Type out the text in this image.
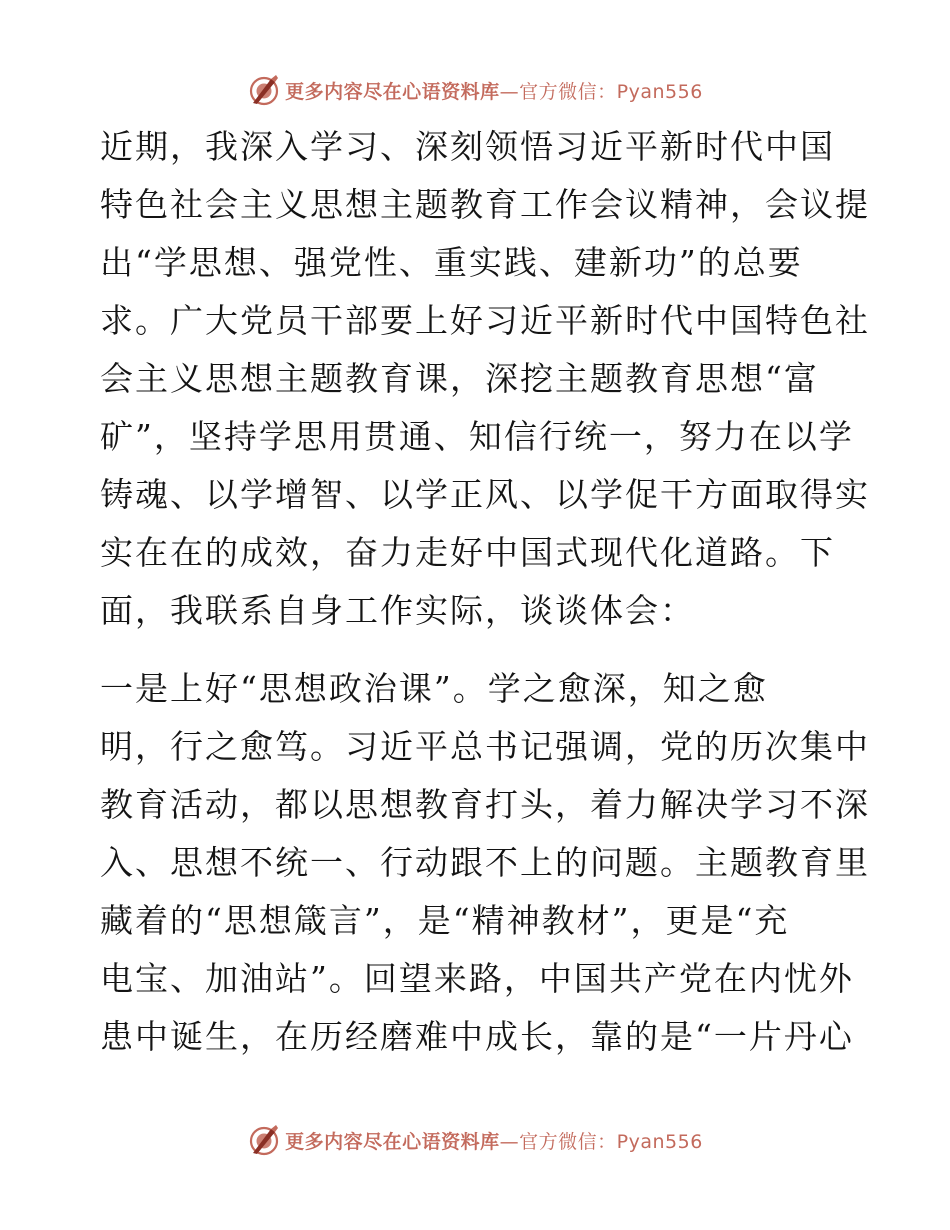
更多内容尽在心语资料库—官方微信：Pyan556
近期，我深入学习、深刻领悟习近平新时代中国
特色社会主义思想主题教育工作会议精神，会议提
出“学思想、强党性、重实践、建新功”的总要
求。广大党员干部要上好习近平新时代中国特色社
会主义思想主题教育课，深挖主题教育思想“富
矿”，坚持学思用贯通、知信行统一，努力在以学
铸魂、以学增智、以学正风、以学促干方面取得实
实在在的成效，奋力走好中国式现代化道路。下
面，我联系自身工作实际，谈谈体会：
一是上好“思想政治课”。学之愈深，知之愈
明，行之愈笃。习近平总书记强调，党的历次集中
教育活动，都以思想教育打头，着力解决学习不深
入、思想不统一、行动跟不上的问题。主题教育里
藏着的“思想箴言”，是“精神教材”，更是“充
电宝、加油站”。回望来路，中国共产党在内忧外
患中诞生，在历经磨难中成长，靠的是“一片丹心
更多内容尽在心语资料库—官方微信：Pyan556
